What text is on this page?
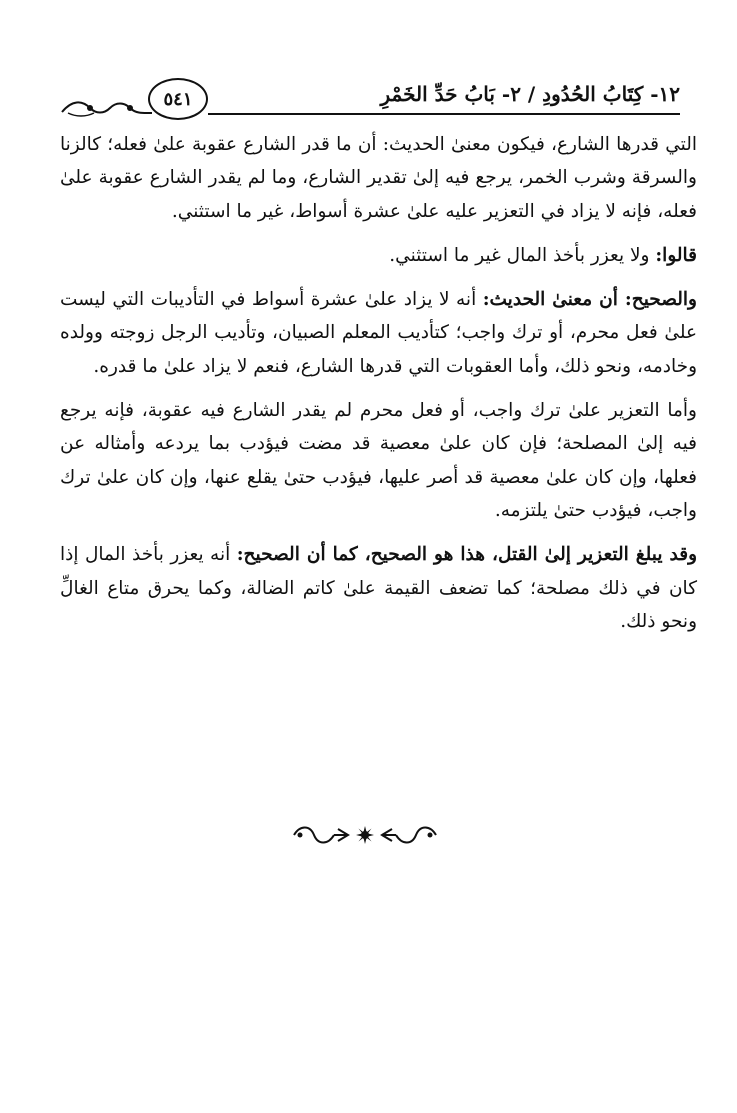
٥٤١	١٢- كِتَابُ الحُدُودِ / ٢- بَابُ حَدِّ الخَمْرِ

التي قدرها الشارع، فيكون معنىٰ الحديث: أن ما قدر الشارع عقوبة علىٰ فعله؛ كالزنا والسرقة وشرب الخمر، يرجع فيه إلىٰ تقدير الشارع، وما لم يقدر الشارع عقوبة علىٰ فعله، فإنه لا يزاد في التعزير عليه علىٰ عشرة أسواط، غير ما استثني.

قالوا: ولا يعزر بأخذ المال غير ما استثني.

والصحيح: أن معنىٰ الحديث: أنه لا يزاد علىٰ عشرة أسواط في التأديبات التي ليست علىٰ فعل محرم، أو ترك واجب؛ كتأديب المعلم الصبيان، وتأديب الرجل زوجته وولده وخادمه، ونحو ذلك، وأما العقوبات التي قدرها الشارع، فنعم لا يزاد علىٰ ما قدره.

وأما التعزير علىٰ ترك واجب، أو فعل محرم لم يقدر الشارع فيه عقوبة، فإنه يرجع فيه إلىٰ المصلحة؛ فإن كان علىٰ معصية قد مضت فيؤدب بما يردعه وأمثاله عن فعلها، وإن كان علىٰ معصية قد أصر عليها، فيؤدب حتىٰ يقلع عنها، وإن كان علىٰ ترك واجب، فيؤدب حتىٰ يلتزمه.

وقد يبلغ التعزير إلىٰ القتل، هذا هو الصحيح، كما أن الصحيح: أنه يعزر بأخذ المال إذا كان في ذلك مصلحة؛ كما تضعف القيمة علىٰ كاتم الضالة، وكما يحرق متاع الغالِّ ونحو ذلك.
